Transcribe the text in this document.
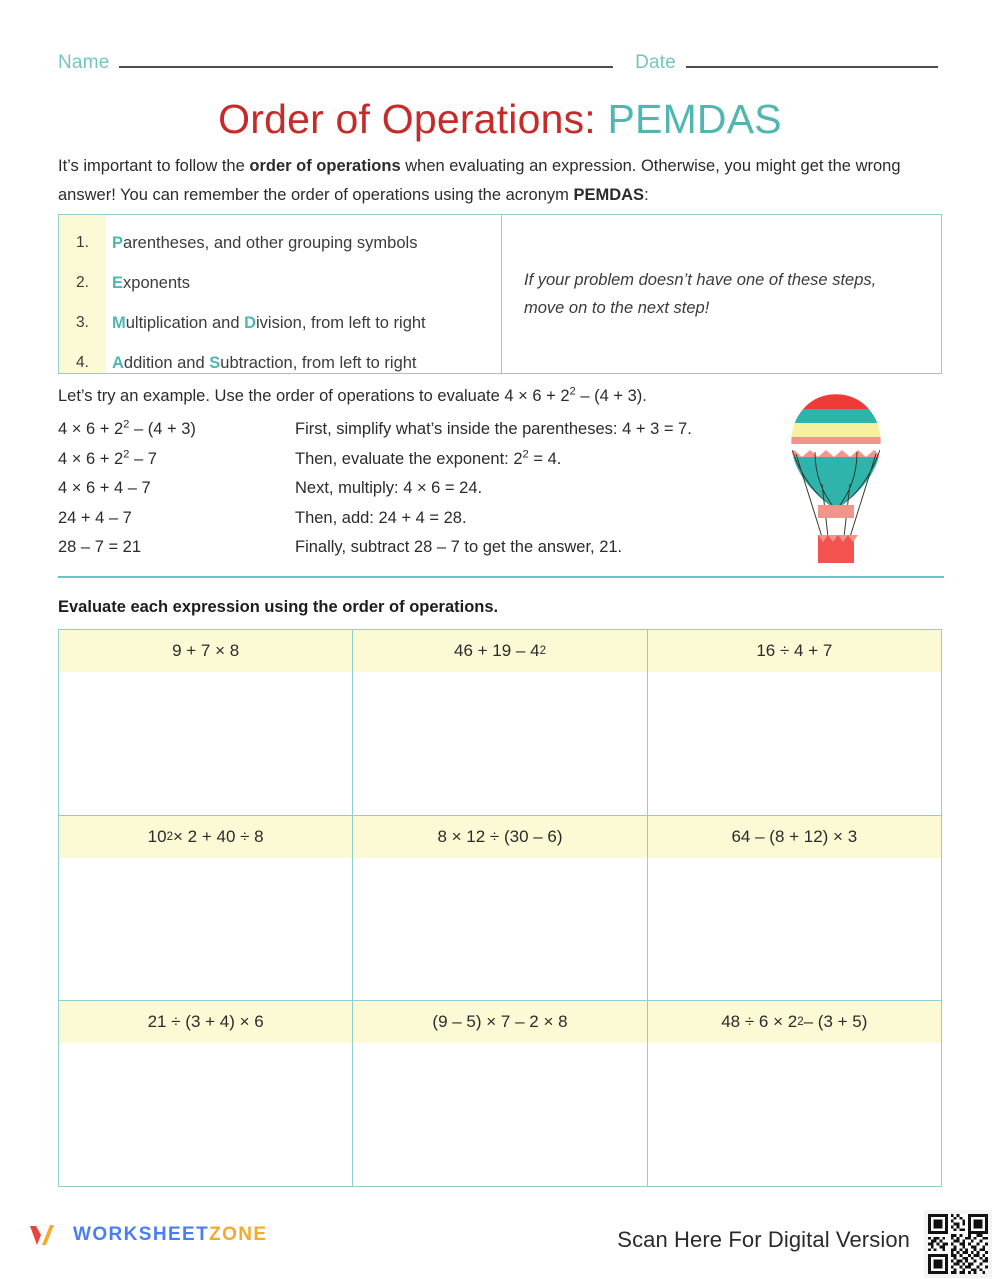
Name	Date
Order of Operations: PEMDAS
It’s important to follow the order of operations when evaluating an expression. Otherwise, you might get the wrong answer! You can remember the order of operations using the acronym PEMDAS:
1.	Parentheses, and other grouping symbols
2.	Exponents
3.	Multiplication and Division, from left to right
4.	Addition and Subtraction, from left to right
If your problem doesn’t have one of these steps, move on to the next step!
Let’s try an example. Use the order of operations to evaluate $4 \times 6 + 2^2 - (4 + 3)$.
$4 \times 6 + 2^2 - (4 + 3)$	First, simplify what’s inside the parentheses: 4 + 3 = 7.
$4 \times 6 + 2^2 - 7$	Then, evaluate the exponent: $2^2 = 4$.
4 × 6 + 4 – 7	Next, multiply: 4 × 6 = 24.
24 + 4 – 7	Then, add: 24 + 4 = 28.
28 – 7 = 21	Finally, subtract 28 – 7 to get the answer, 21.
Evaluate each expression using the order of operations.
9 + 7 × 8	46 + 19 – 4 2	16 ÷ 4 + 7
10 2 × 2 + 40 ÷ 8	8 × 12 ÷ (30 – 6)	64 – (8 + 12) × 3
21 ÷ (3 + 4) × 6	(9 – 5) × 7 – 2 × 8	48 ÷ 6 × 2 2 – (3 + 5)
WORKSHEETZONE	Scan Here For Digital Version
